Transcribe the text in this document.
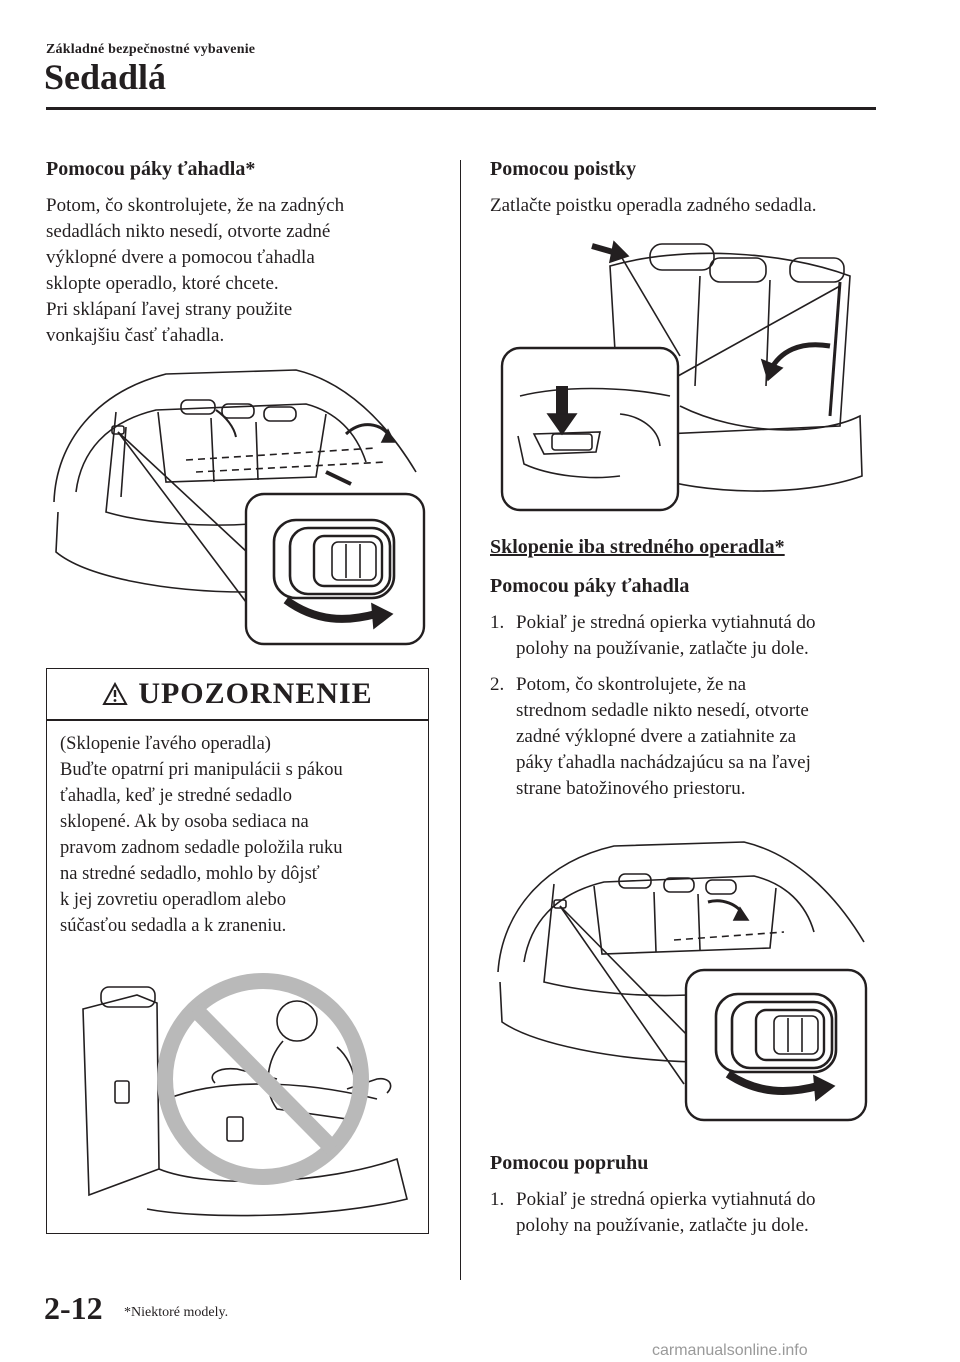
Základné bezpečnostné vybavenie
Sedadlá
Pomocou páky ťahadla*

Potom, čo skontrolujete, že na zadných

sedadlách nikto nesedí, otvorte zadné

výklopné dvere a pomocou ťahadla

sklopte operadlo, ktoré chcete.

Pri sklápaní ľavej strany použite

vonkajšiu časť ťahadla.

UPOZORNENIE
(Sklopenie ľavého operadla)
Buďte opatrní pri manipulácii s pákou
ťahadla, keď je stredné sedadlo
sklopené. Ak by osoba sediaca na
pravom zadnom sedadle položila ruku
na stredné sedadlo, mohlo by dôjsť
k jej zovretiu operadlom alebo
súčasťou sedadla a k zraneniu.
Pomocou poistky

Zatlačte poistku operadla zadného sedadla.

Sklopenie iba stredného operadla*
Pomocou páky ťahadla
1. Pokiaľ je stredná opierka vytiahnutá do
polohy na používanie, zatlačte ju dole.
2. Potom, čo skontrolujete, že na
strednom sedadle nikto nesedí, otvorte
zadné výklopné dvere a zatiahnite za
páky ťahadla nachádzajúcu sa na ľavej
strane batožinového priestoru.
Pomocou popruhu
1. Pokiaľ je stredná opierka vytiahnutá do
polohy na používanie, zatlačte ju dole.
2-12 *Niektoré modely.
carmanualsonline.info
